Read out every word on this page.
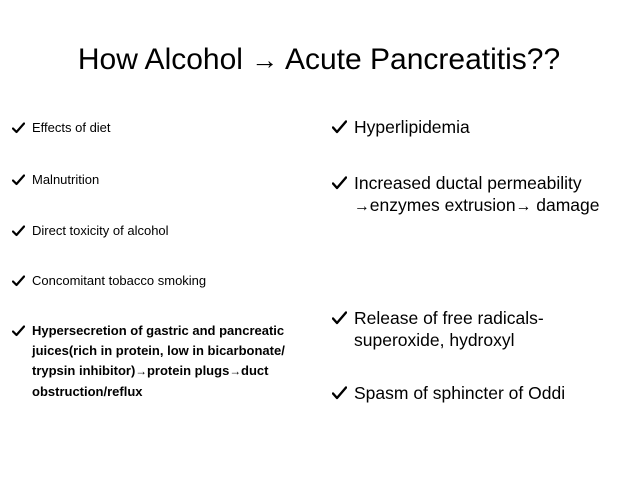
How Alcohol → Acute Pancreatitis??
Effects of diet
Malnutrition
Direct toxicity of alcohol
Concomitant tobacco smoking
Hypersecretion of gastric and pancreatic juices(rich in protein, low in bicarbonate/ trypsin inhibitor)→protein plugs→duct obstruction/reflux
Hyperlipidemia
Increased ductal permeability →enzymes extrusion→ damage
Release of free radicals-superoxide, hydroxyl
Spasm of sphincter of Oddi
